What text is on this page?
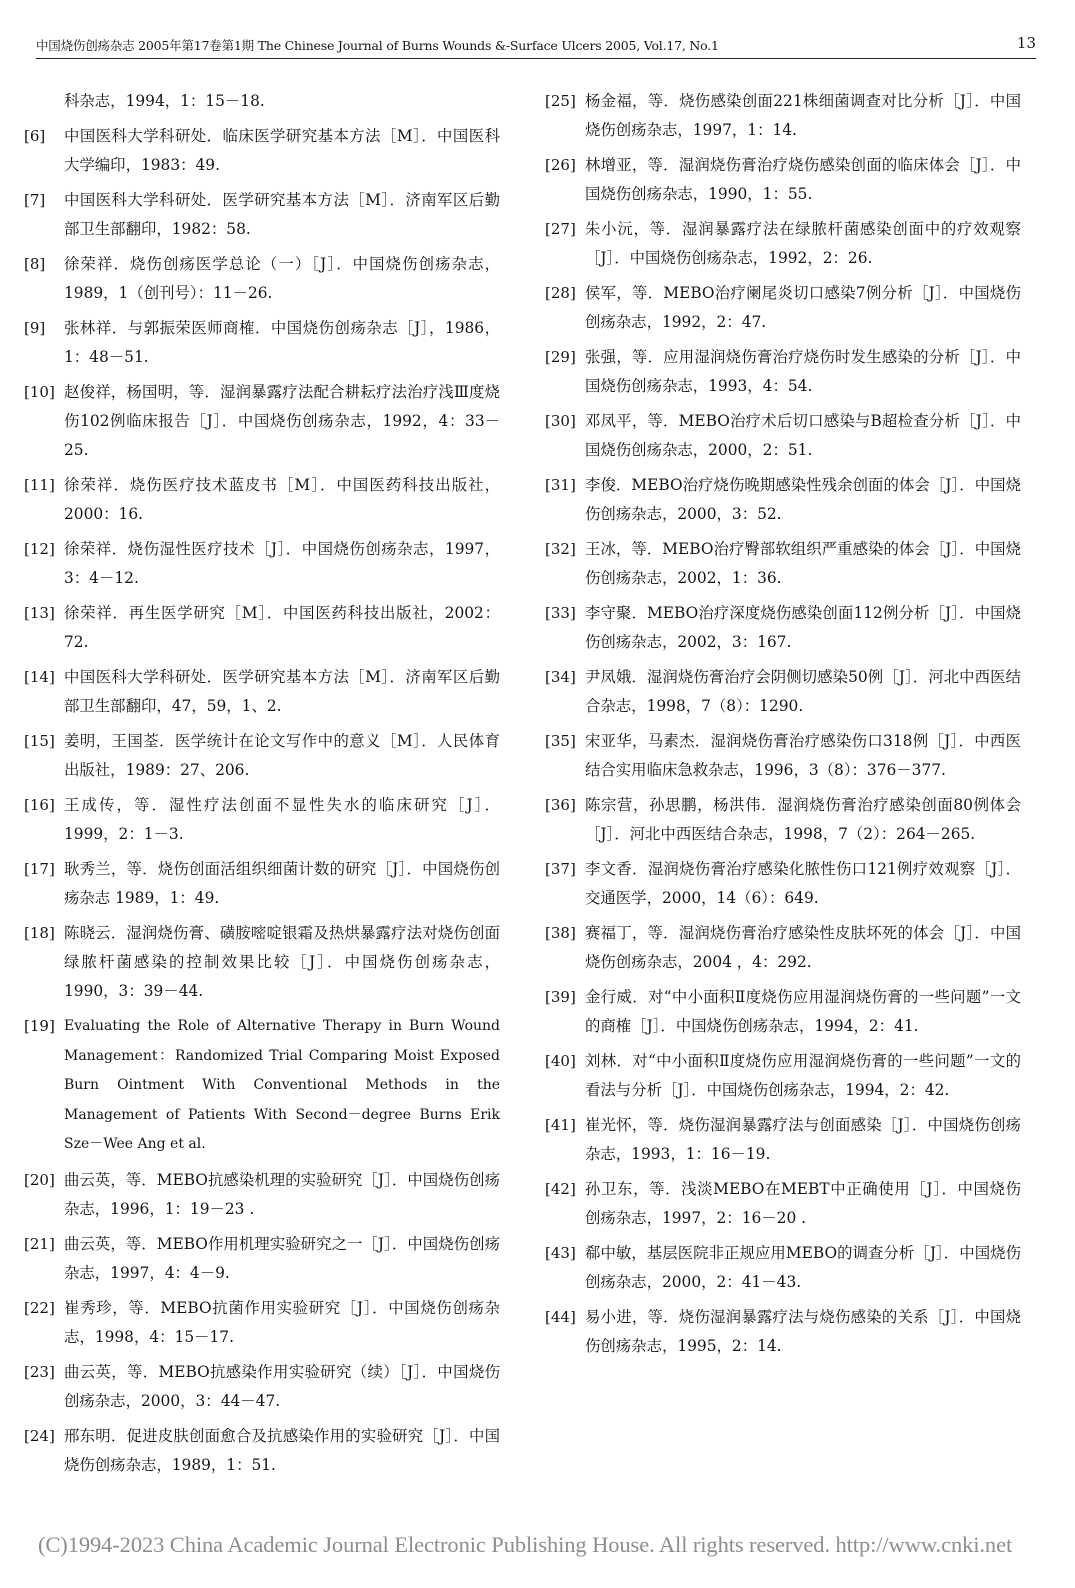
中国烧伤创疡杂志 2005年第17卷第1期 The Chinese Journal of Burns Wounds &-Surface Ulcers 2005, Vol.17, No.1	13
科杂志，1994，1：15－18.
[6] 中国医科大学科研处．临床医学研究基本方法［M］．中国医科大学编印，1983：49.
[7] 中国医科大学科研处．医学研究基本方法［M］．济南军区后勤部卫生部翻印，1982：58.
[8] 徐荣祥．烧伤创疡医学总论（一）［J］．中国烧伤创疡杂志，1989，1（创刊号）：11－26.
[9] 张林祥．与郭振荣医师商榷．中国烧伤创疡杂志［J］，1986，1：48－51.
[10] 赵俊祥，杨国明，等．湿润暴露疗法配合耕耘疗法治疗浅Ⅲ度烧伤102例临床报告［J］．中国烧伤创疡杂志，1992，4：33－25.
[11] 徐荣祥．烧伤医疗技术蓝皮书［M］．中国医药科技出版社，2000：16.
[12] 徐荣祥．烧伤湿性医疗技术［J］．中国烧伤创疡杂志，1997，3：4－12.
[13] 徐荣祥．再生医学研究［M］．中国医药科技出版社，2002：72.
[14] 中国医科大学科研处．医学研究基本方法［M］．济南军区后勤部卫生部翻印，47，59，1、2.
[15] 姜明，王国荃．医学统计在论文写作中的意义［M］．人民体育出版社，1989：27、206.
[16] 王成传，等．湿性疗法创面不显性失水的临床研究［J］．1999，2：1－3.
[17] 耿秀兰，等．烧伤创面活组织细菌计数的研究［J］．中国烧伤创疡杂志 1989，1：49.
[18] 陈晓云．湿润烧伤膏、磺胺嘧啶银霜及热烘暴露疗法对烧伤创面绿脓杆菌感染的控制效果比较［J］．中国烧伤创疡杂志，1990，3：39－44.
[19] Evaluating the Role of Alternative Therapy in Burn Wound Management：Randomized Trial Comparing Moist Exposed Burn Ointment With Conventional Methods in the Management of Patients With Second－degree Burns Erik Sze－Wee Ang et al.
[20] 曲云英，等．MEBO抗感染机理的实验研究［J］．中国烧伤创疡杂志，1996，1：19－23 .
[21] 曲云英，等．MEBO作用机理实验研究之一［J］．中国烧伤创疡杂志，1997，4：4－9.
[22] 崔秀珍，等．MEBO抗菌作用实验研究［J］．中国烧伤创疡杂志，1998，4：15－17.
[23] 曲云英，等．MEBO抗感染作用实验研究（续）［J］．中国烧伤创疡杂志，2000，3：44－47.
[24] 邢东明．促进皮肤创面愈合及抗感染作用的实验研究［J］．中国烧伤创疡杂志，1989，1：51.
[25] 杨金福，等．烧伤感染创面221株细菌调查对比分析［J］．中国烧伤创疡杂志，1997，1：14.
[26] 林增亚，等．湿润烧伤膏治疗烧伤感染创面的临床体会［J］．中国烧伤创疡杂志，1990，1：55.
[27] 朱小沅，等．湿润暴露疗法在绿脓杆菌感染创面中的疗效观察［J］．中国烧伤创疡杂志，1992，2：26.
[28] 侯军，等．MEBO治疗阑尾炎切口感染7例分析［J］．中国烧伤创疡杂志，1992，2：47.
[29] 张强，等．应用湿润烧伤膏治疗烧伤时发生感染的分析［J］．中国烧伤创疡杂志，1993，4：54.
[30] 邓凤平，等．MEBO治疗术后切口感染与B超检查分析［J］．中国烧伤创疡杂志，2000，2：51.
[31] 李俊．MEBO治疗烧伤晚期感染性残余创面的体会［J］．中国烧伤创疡杂志，2000，3：52.
[32] 王冰，等．MEBO治疗臀部软组织严重感染的体会［J］．中国烧伤创疡杂志，2002，1：36.
[33] 李守聚．MEBO治疗深度烧伤感染创面112例分析［J］．中国烧伤创疡杂志，2002，3：167.
[34] 尹凤娥．湿润烧伤膏治疗会阴侧切感染50例［J］．河北中西医结合杂志，1998，7（8）：1290.
[35] 宋亚华，马素杰．湿润烧伤膏治疗感染伤口318例［J］．中西医结合实用临床急救杂志，1996，3（8）：376－377.
[36] 陈宗营，孙思鹏，杨洪伟．湿润烧伤膏治疗感染创面80例体会［J］．河北中西医结合杂志，1998，7（2）：264－265.
[37] 李文香．湿润烧伤膏治疗感染化脓性伤口121例疗效观察［J］．交通医学，2000，14（6）：649.
[38] 赛福丁，等．湿润烧伤膏治疗感染性皮肤坏死的体会［J］．中国烧伤创疡杂志，2004 ，4：292.
[39] 金行威．对“中小面积Ⅱ度烧伤应用湿润烧伤膏的一些问题”一文的商榷［J］．中国烧伤创疡杂志，1994，2：41.
[40] 刘林．对“中小面积Ⅱ度烧伤应用湿润烧伤膏的一些问题”一文的看法与分析［J］．中国烧伤创疡杂志，1994，2：42.
[41] 崔光怀，等．烧伤湿润暴露疗法与创面感染［J］．中国烧伤创疡杂志，1993，1：16－19.
[42] 孙卫东，等．浅淡MEBO在MEBT中正确使用［J］．中国烧伤创疡杂志，1997，2：16－20 .
[43] 郗中敏，基层医院非正规应用MEBO的调查分析［J］．中国烧伤创疡杂志，2000，2：41－43.
[44] 易小进，等．烧伤湿润暴露疗法与烧伤感染的关系［J］．中国烧伤创疡杂志，1995，2：14.
(C)1994-2023 China Academic Journal Electronic Publishing House. All rights reserved. http://www.cnki.net
